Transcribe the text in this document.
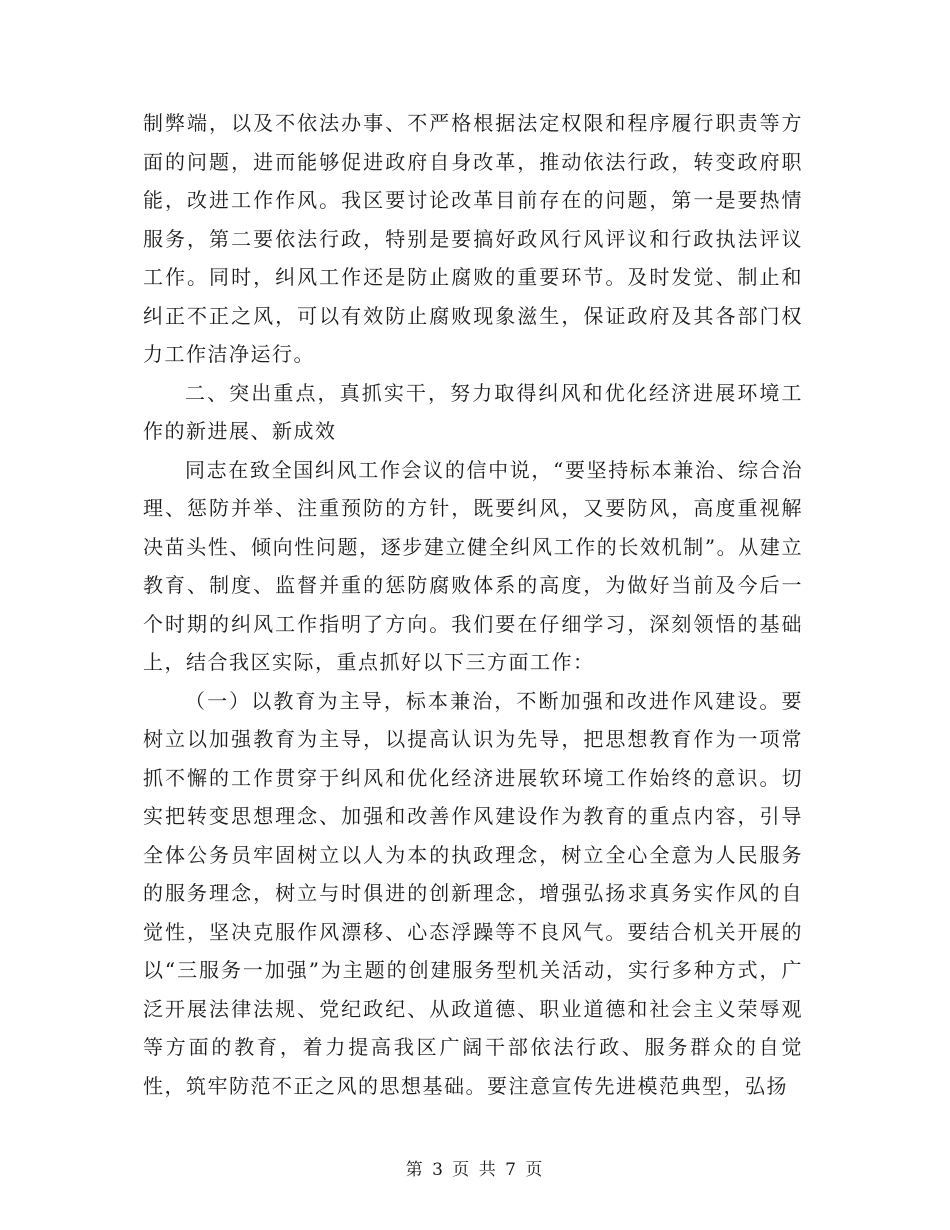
制弊端，以及不依法办事、不严格根据法定权限和程序履行职责等方面的问题，进而能够促进政府自身改革，推动依法行政，转变政府职能，改进工作作风。我区要讨论改革目前存在的问题，第一是要热情服务，第二要依法行政，特别是要搞好政风行风评议和行政执法评议工作。同时，纠风工作还是防止腐败的重要环节。及时发觉、制止和纠正不正之风，可以有效防止腐败现象滋生，保证政府及其各部门权力工作洁净运行。

二、突出重点，真抓实干，努力取得纠风和优化经济进展环境工作的新进展、新成效

同志在致全国纠风工作会议的信中说，“要坚持标本兼治、综合治理、惩防并举、注重预防的方针，既要纠风，又要防风，高度重视解决苗头性、倾向性问题，逐步建立健全纠风工作的长效机制”。从建立教育、制度、监督并重的惩防腐败体系的高度，为做好当前及今后一个时期的纠风工作指明了方向。我们要在仔细学习，深刻领悟的基础上，结合我区实际，重点抓好以下三方面工作：

（一）以教育为主导，标本兼治，不断加强和改进作风建设。要树立以加强教育为主导，以提高认识为先导，把思想教育作为一项常抓不懈的工作贯穿于纠风和优化经济进展软环境工作始终的意识。切实把转变思想理念、加强和改善作风建设作为教育的重点内容，引导全体公务员牢固树立以人为本的执政理念，树立全心全意为人民服务的服务理念，树立与时俱进的创新理念，增强弘扬求真务实作风的自觉性，坚决克服作风漂移、心态浮躁等不良风气。要结合机关开展的以“三服务一加强”为主题的创建服务型机关活动，实行多种方式，广泛开展法律法规、党纪政纪、从政道德、职业道德和社会主义荣辱观等方面的教育，着力提高我区广阔干部依法行政、服务群众的自觉性，筑牢防范不正之风的思想基础。要注意宣传先进模范典型，弘扬

第 3 页 共 7 页
